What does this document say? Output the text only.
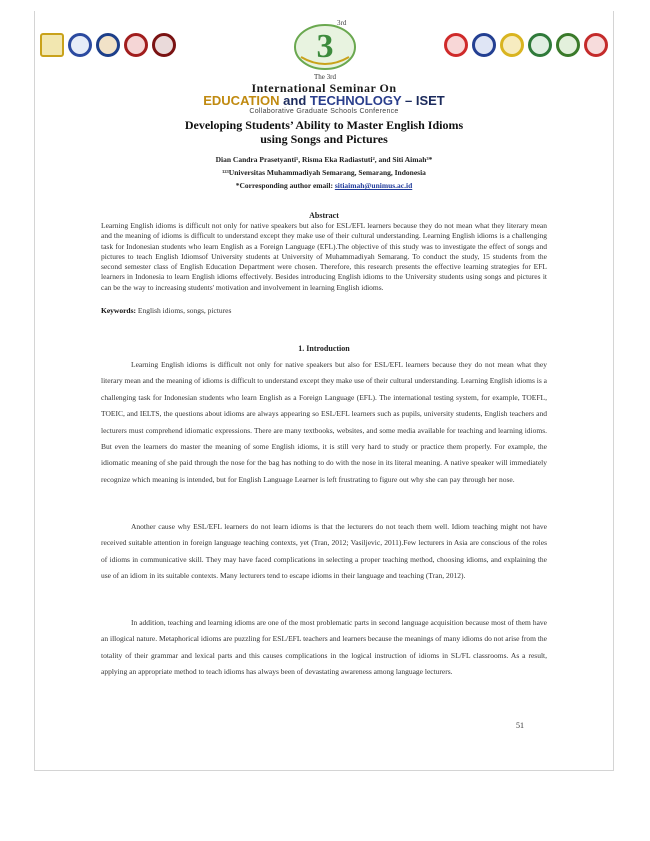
3
3rd
The 3rd
International Seminar On
EDUCATION and TECHNOLOGY – ISET
Collaborative Graduate Schools Conference
Developing Students’ Ability to Master English Idioms
using Songs and Pictures
Dian Candra Prasetyanti¹, Risma Eka Radiastuti², and Siti Aimah³*
¹²³Universitas Muhammadiyah Semarang, Semarang, Indonesia
*Corresponding author email: sitiaimah@unimus.ac.id
Abstract
Learning English idioms is difficult not only for native speakers but also for ESL/EFL learners because they do not mean what they literary mean and the meaning of idioms is difficult to understand except they make use of their cultural understanding. Learning English idioms is a challenging task for Indonesian students who learn English as a Foreign Language (EFL).The objective of this study was to investigate the effect of songs and pictures to teach English Idiomsof University students at University of Muhammadiyah Semarang. To conduct the study, 15 students from the second semester class of English Education Department were chosen. Therefore, this research presents the effective learning strategies for EFL learners in Indonesia to learn English idioms effectively. Besides introducing English idioms to the University students using songs and pictures it can be the way to increasing students' motivation and involvement in learning English idioms.
Keywords: English idioms, songs, pictures
1. Introduction
Learning English idioms is difficult not only for native speakers but also for ESL/EFL learners because they do not mean what they literary mean and the meaning of idioms is difficult to understand except they make use of their cultural understanding. Learning English idioms is a challenging task for Indonesian students who learn English as a Foreign Language (EFL). The international testing system, for example, TOEFL, TOEIC, and IELTS, the questions about idioms are always appearing so ESL/EFL learners such as pupils, university students, English teachers and lecturers must comprehend idiomatic expressions. There are many textbooks, websites, and some media available for teaching and learning idioms. But even the learners do master the meaning of some English idioms, it is still very hard to study or practice them properly. For example, the idiomatic meaning of she paid through the nose for the bag has nothing to do with the nose in its literal meaning. A native speaker will immediately recognize which meaning is intended, but for English Language Learner is left frustrating to figure out why she can pay through her nose.
Another cause why ESL/EFL learners do not learn idioms is that the lecturers do not teach them well. Idiom teaching might not have received suitable attention in foreign language teaching contexts, yet (Tran, 2012; Vasiljevic, 2011).Few lecturers in Asia are conscious of the roles of idioms in communicative skill. They may have faced complications in selecting a proper teaching method, choosing idioms, and explaining the use of an idiom in its suitable contexts. Many lecturers tend to escape idioms in their language and teaching (Tran, 2012).
In addition, teaching and learning idioms are one of the most problematic parts in second language acquisition because most of them have an illogical nature. Metaphorical idioms are puzzling for ESL/EFL teachers and learners because the meanings of many idioms do not arise from the totality of their grammar and lexical parts and this causes complications in the logical instruction of idioms in SL/FL classrooms. As a result, applying an appropriate method to teach idioms has always been of devastating awareness among language lecturers.
51
